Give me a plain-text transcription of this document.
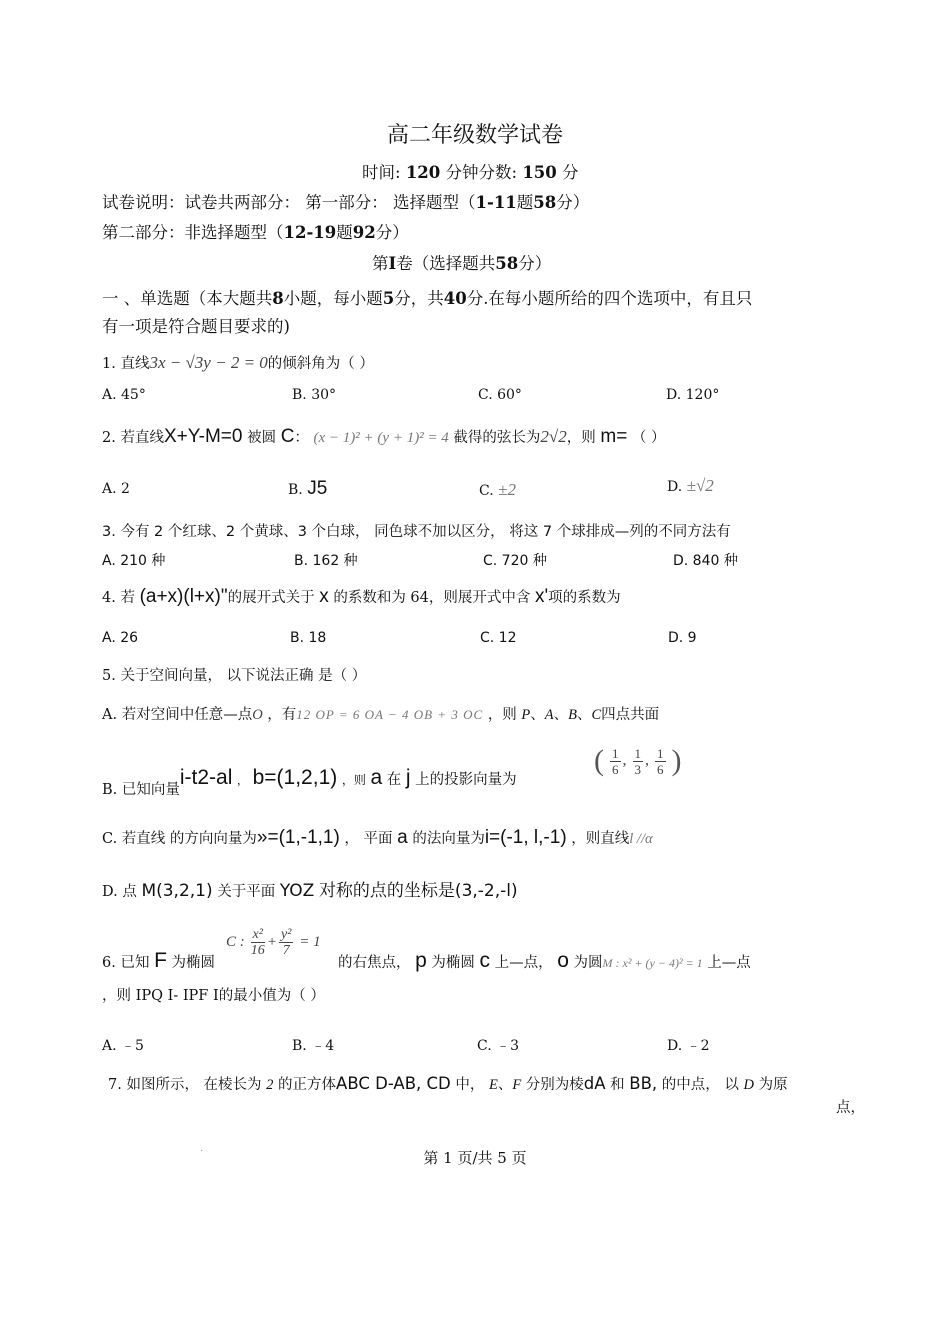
高二年级数学试卷
时间: 120 分钟分数: 150 分
试卷说明：试卷共两部分： 第一部分： 选择题型（1-11题58分）
第二部分：非选择题型（12-19题92分）
第I卷（选择题共58分）
一 、单选题（本大题共8小题，每小题5分，共40分.在每小题所给的四个选项中，有且只
有一项是符合题目要求的)
1. 直线3x − √3y − 2 = 0的倾斜角为（ ）
A. 45°	B. 30°	C. 60°	D. 120°
2. 若直线X+Y-M=0 被圆 C： (x − 1)² + (y + 1)² = 4 截得的弦长为2√2，则 m= （ ）
A. 2	B. J5	C. ±2	D. ±√2
3. 今有 2 个红球、2 个黄球、3 个白球， 同色球不加以区分， 将这 7 个球排成—列的不同方法有
A. 210 种	B. 162 种	C. 720 种	D. 840 种
4. 若 (a+x)(l+x)"的展开式关于 x 的系数和为 64，则展开式中含 x'项的系数为
A. 26	B. 18	C. 12	D. 9
5. 关于空间向量， 以下说法正确 是（ ）
A. 若对空间中任意—点O ，有12 OP = 6 OA − 4 OB + 3 OC ，则 P、A、B、C四点共面
B. 已知向量
i-t2-al ， b=(1,2,1) ，则 a 在 j 上的投影向量为
( $\frac{1}{6}$ , $\frac{1}{3}$ , $\frac{1}{6}$ )
C. 若直线 的方向向量为»=(1,-1,1) ， 平面 a 的法向量为i=(-1, l,-1) ，则直线l //α
D. 点 M(3,2,1) 关于平面 YOZ 对称的点的坐标是(3,-2,-l)
6. 已知 F 为椭圆
C : $\frac{\text{x²}}{16} + \frac{\text{y²}}{7} = 1$
的右焦点， p 为椭圆 c 上—点， o 为圆M : x² + (y − 4)² = 1 上—点
，则 IPQ I- IPF I的最小值为（ ）
A. ﹣5	B. ﹣4	C. ﹣3	D. ﹣2
7. 如图所示， 在棱长为 2 的正方体ABC D-AB, CD 中， E、F 分别为棱dA 和 BB, 的中点， 以 D 为原
点，
·	第 1 页/共 5 页
